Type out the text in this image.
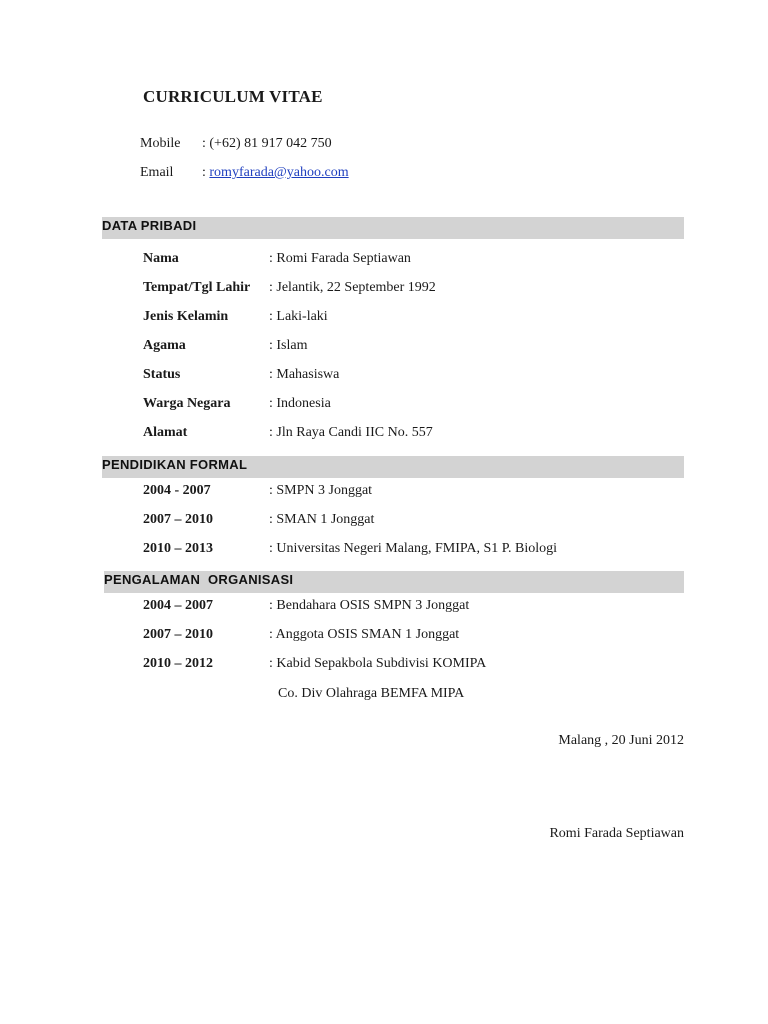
CURRICULUM VITAE
Mobile : (+62) 81 917 042 750
Email : romyfarada@yahoo.com
DATA PRIBADI
Nama	: Romi Farada Septiawan
Tempat/Tgl Lahir : Jelantik, 22 September 1992
Jenis Kelamin	: Laki-laki
Agama	: Islam
Status	: Mahasiswa
Warga Negara	: Indonesia
Alamat	: Jln Raya Candi IIC No. 557
PENDIDIKAN FORMAL
2004 - 2007	: SMPN 3 Jonggat
2007 – 2010	: SMAN 1 Jonggat
2010 – 2013	: Universitas Negeri Malang, FMIPA, S1 P. Biologi
PENGALAMAN  ORGANISASI
2004 – 2007	: Bendahara OSIS SMPN 3 Jonggat
2007 – 2010	: Anggota OSIS SMAN 1 Jonggat
2010 – 2012	: Kabid Sepakbola Subdivisi KOMIPA
Co. Div Olahraga BEMFA MIPA
Malang , 20 Juni 2012
Romi Farada Septiawan
